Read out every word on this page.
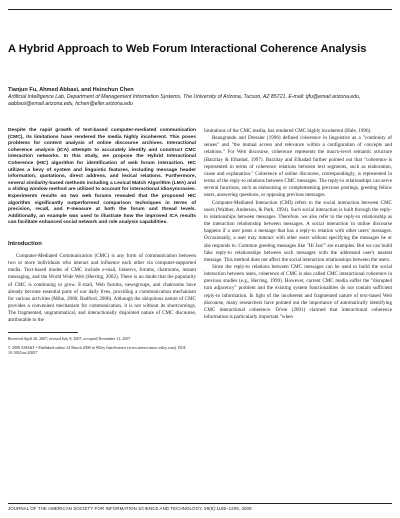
A Hybrid Approach to Web Forum Interactional Coherence Analysis
Tianjun Fu, Ahmed Abbasi, and Hsinchun Chen
Artificial Intelligence Lab, Department of Management Information Systems, The University of Arizona, Tucson, AZ 85721. E-mail: tjfu@email.arizona.edu, aabbasi@email.arizona.edu, hchen@eller.arizona.edu

Despite the rapid growth of text-based computer-mediated communication (CMC), its limitations have rendered the media highly incoherent. This poses problems for content analysis of online discourse archives. Interactional coherence analysis (ICA) attempts to accurately identify and construct CMC interaction networks. In this study, we propose the Hybrid Interactional Coherence (HIC) algorithm for identification of web forum interaction. HIC utilizes a bevy of system and linguistic features, including message header information, quotations, direct address, and lexical relations. Furthermore, several similarity-based methods including a Lexical Match Algorithm (LMA) and a sliding window method are utilized to account for interactional idiosyncrasies. Experiments results on two web forums revealed that the proposed HIC algorithm significantly outperformed comparison techniques in terms of precision, recall, and F-measure at both the forum and thread levels. Additionally, an example was used to illustrate how the improved ICA results can facilitate enhanced social network and role analysis capabilities.

Introduction

Computer-Mediated Communication (CMC) is any form of communication between two or more individuals who interact and influence each other via computer-supported media. Text-based modes of CMC include e-mail, listservs, forums, chatrooms, instant messaging, and the World Wide Web (Herring, 2002). There is no doubt that the popularity of CMC is continuing to grow. E-mail, Web forums, newsgroups, and chatrooms have already become essential parts of our daily lives, providing a communication mechanism for various activities (Miho, 2006; Radford, 2006). Although the ubiquitous nature of CMC provides a convenient mechanism for communication, it is not without its shortcomings. The fragmented, ungrammatical, and interactionally disjointed nature of CMC discourse, attributable to the

Received April 26, 2007; revised July 8, 2007; accepted November 12, 2007

© 2008 ASIS&T • Published online 24 March 2008 in Wiley InterScience (www.interscience.wiley.com). DOI: 10.1002/asi.20827

limitations of the CMC media, has rendered CMC highly incoherent (Hale, 1996).

Beaugrande and Dressler (1996) defined coherence in linguistics as a "continuity of senses" and "the mutual access and relevance within a configuration of concepts and relations." For Web discourse, coherence represents the macro-level semantic structure (Barzilay & Elhadad, 1997). Barzilay and Elhadad further pointed out that "coherence is represented in terms of coherence relations between text segments, such as elaboration, cause and explanation." Coherence of online discourse, correspondingly, is represented in terms of the reply-to relations between CMC messages. The reply-to relationships can serve several functions, such as elaborating or complementing previous postings, greeting fellow users, answering questions, or opposing previous messages.

Computer-Mediated Interaction (CMI) refers to the social interaction between CMC users (Walther, Anderson, & Park, 1994). Such social interaction is built through the reply-to relationships between messages. Therefore, we also refer to the reply-to relationship as the interaction relationship between messages. A social interaction in online discourse happens if a user posts a message that has a reply-to relation with other users' messages. Occasionally, a user may interact with other users without specifying the messages he or she responds to. Common greeting messages like "Hi Jan!" are examples. But we can build fake reply-to relationships between such messages with the addressed user's nearest message. This method does not affect the social interaction relationships between the users.

Since the reply-to relations between CMC messages can be used to build the social interaction between users, coherence of CMC is also called CMC interactional coherence in previous studies (e.g., Herring, 1999). However, current CMC media suffer the "disrupted turn adjacency" problem and the existing system functionalities do not contain sufficient reply-to information. In light of the incoherent and fragmented nature of text-based Web discourse, many researchers have pointed out the importance of automatically identifying CMC interactional coherence. Te'eni (2001) claimed that interactional coherence information is particularly important "when

JOURNAL OF THE AMERICAN SOCIETY FOR INFORMATION SCIENCE AND TECHNOLOGY, 59(8):1195–1209, 2008
